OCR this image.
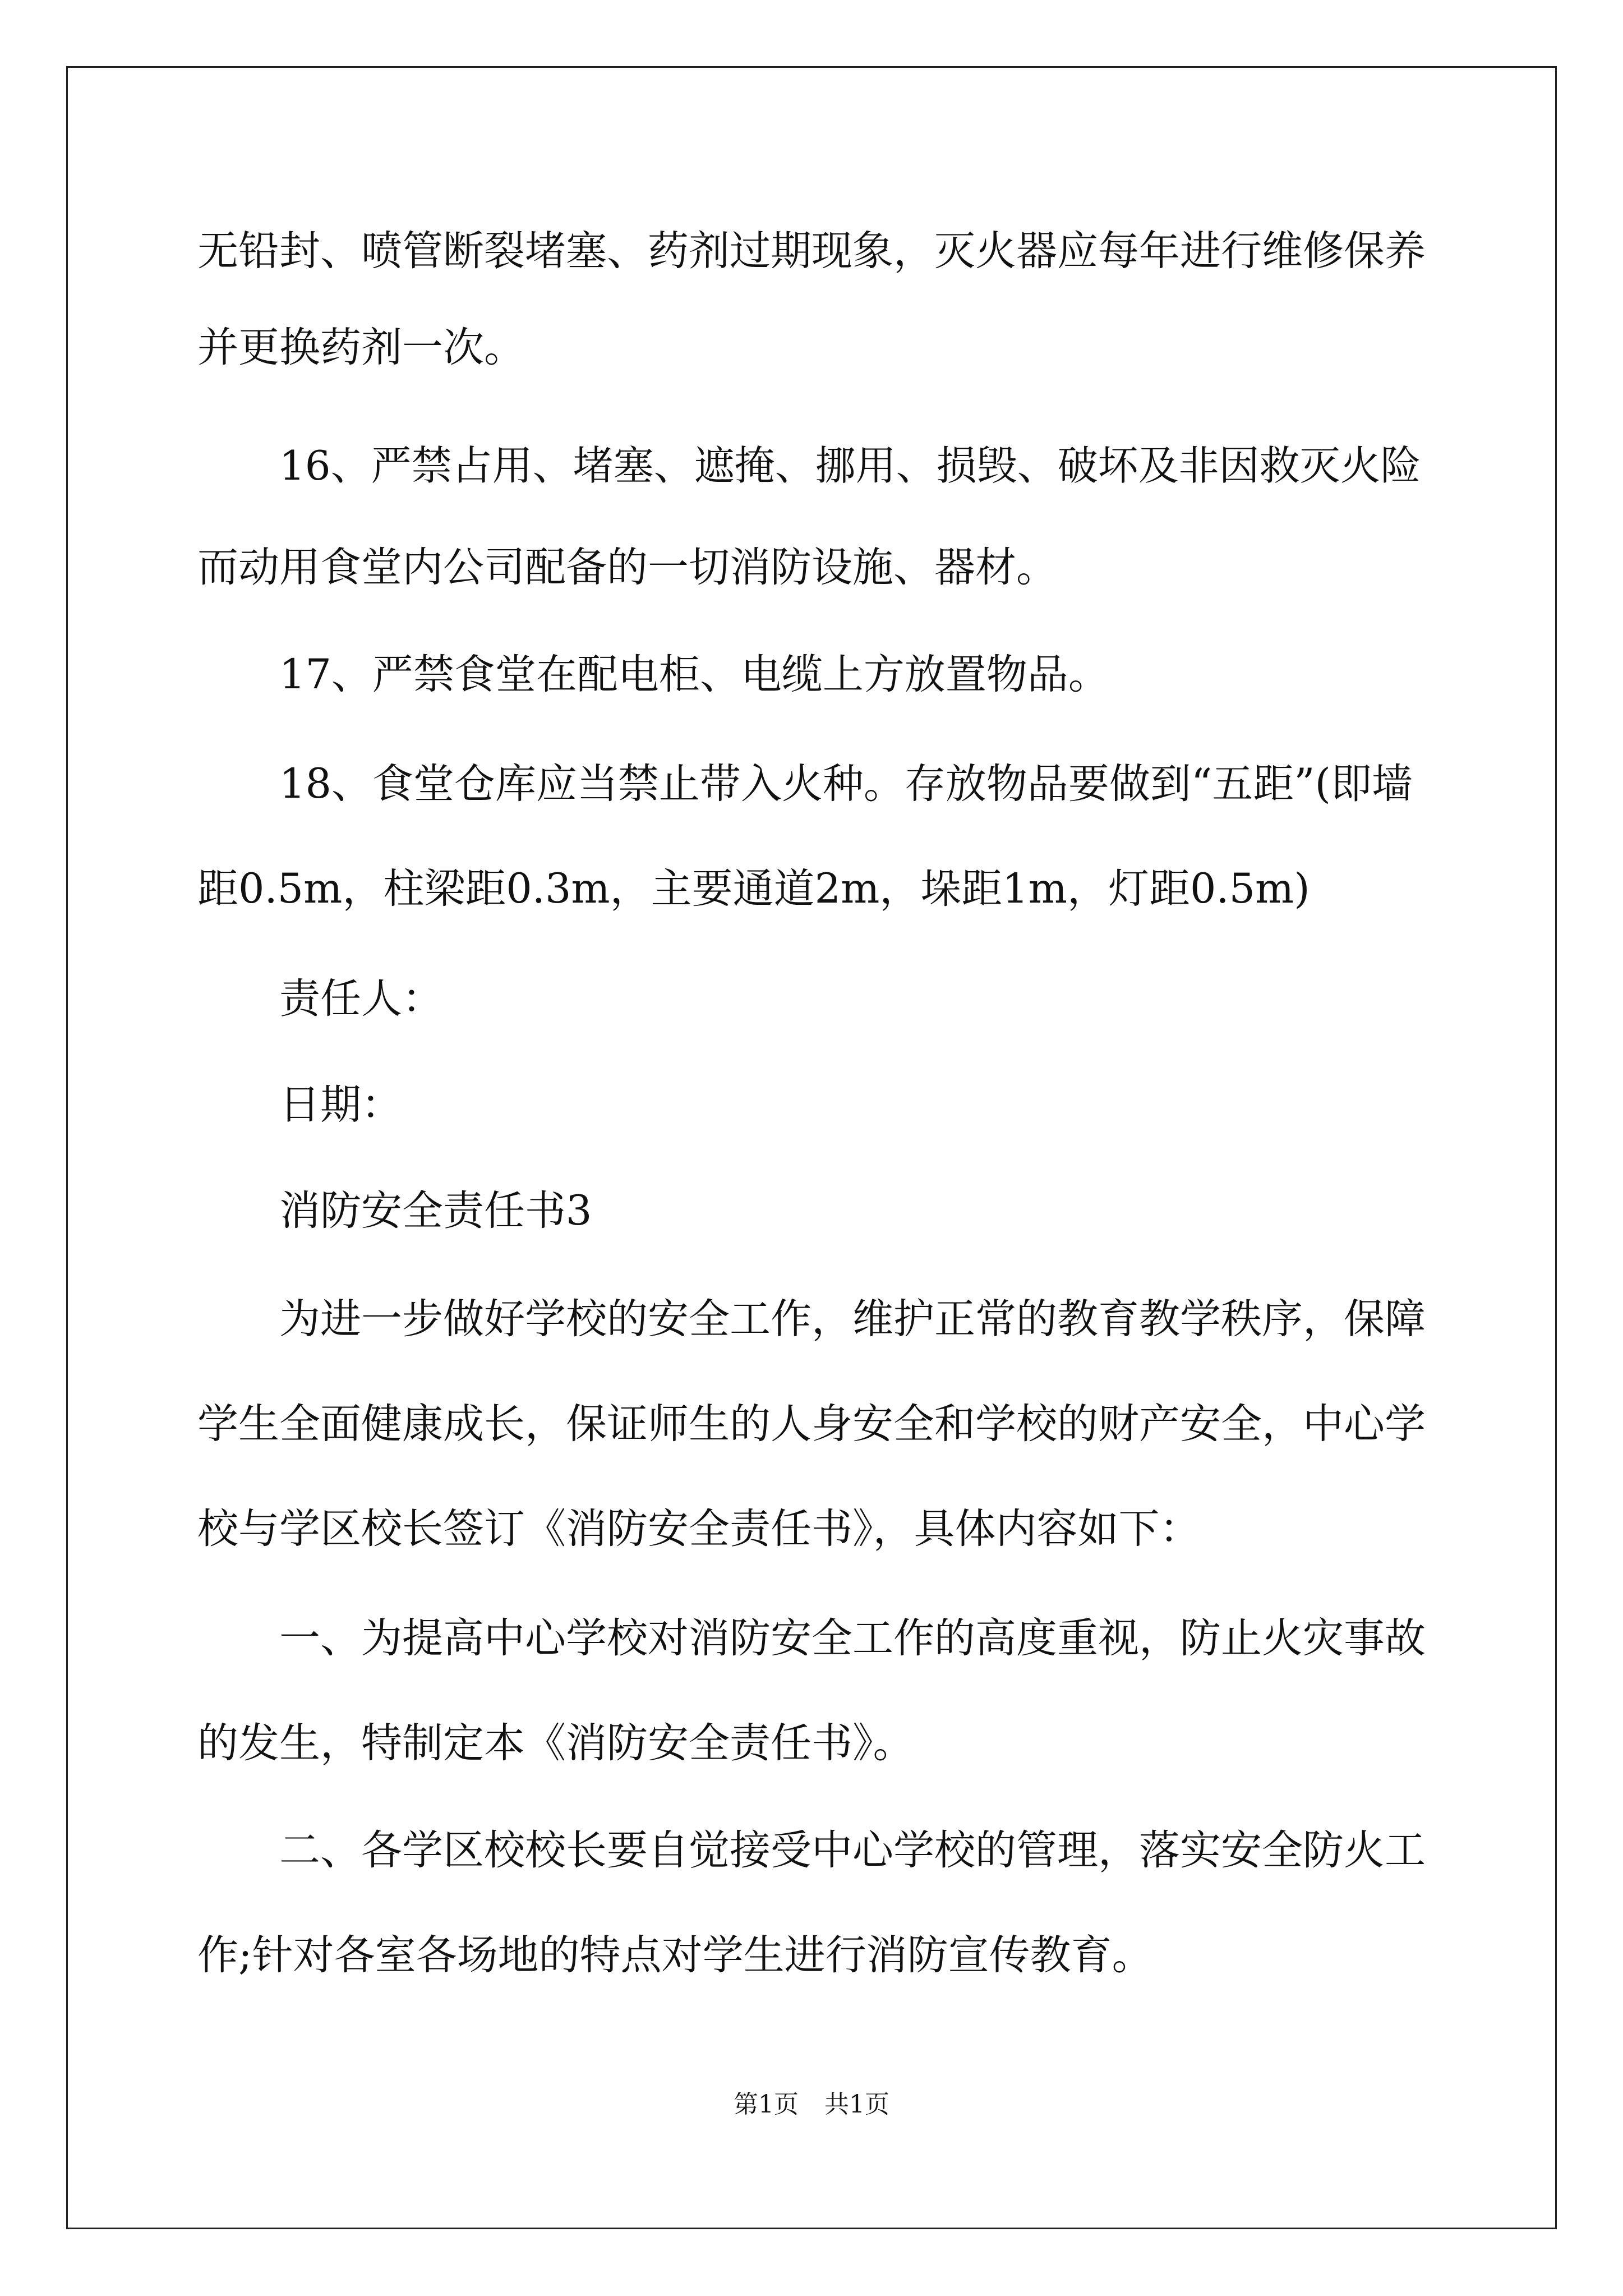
无铅封、喷管断裂堵塞、药剂过期现象，灭火器应每年进行维修保养
并更换药剂一次。
16、严禁占用、堵塞、遮掩、挪用、损毁、破坏及非因救灭火险
而动用食堂内公司配备的一切消防设施、器材。
17、严禁食堂在配电柜、电缆上方放置物品。
18、食堂仓库应当禁止带入火种。存放物品要做到“五距”(即墙
距0.5m，柱梁距0.3m，主要通道2m，垛距1m，灯距0.5m)
责任人：
日期：
消防安全责任书3
为进一步做好学校的安全工作，维护正常的教育教学秩序，保障
学生全面健康成长，保证师生的人身安全和学校的财产安全，中心学
校与学区校长签订《消防安全责任书》，具体内容如下：
一、为提高中心学校对消防安全工作的高度重视，防止火灾事故
的发生，特制定本《消防安全责任书》。
二、各学区校校长要自觉接受中心学校的管理，落实安全防火工
作;针对各室各场地的特点对学生进行消防宣传教育。
第1页 共1页
